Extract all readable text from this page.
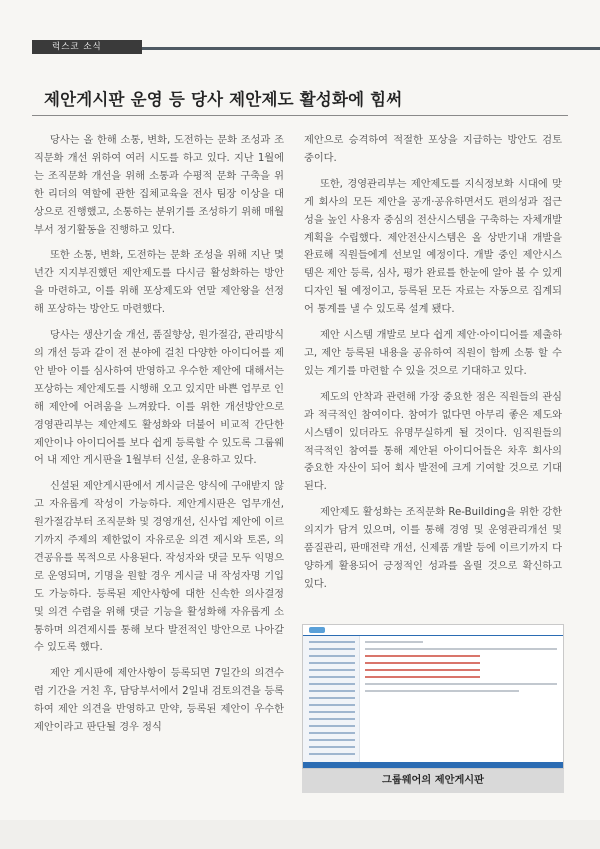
럭스코 소식
제안게시판 운영 등 당사 제안제도 활성화에 힘써

당사는 올 한해 소통, 변화, 도전하는 문화 조성과 조직문화 개선 위하여 여러 시도를 하고 있다. 지난 1월에는 조직문화 개선을 위해 소통과 수평적 문화 구축을 위한 리더의 역할에 관한 집체교육을 전사 팀장 이상을 대상으로 진행했고, 소통하는 분위기를 조성하기 위해 매월 부서 정기활동을 진행하고 있다.

또한 소통, 변화, 도전하는 문화 조성을 위해 지난 몇 년간 지지부진했던 제안제도를 다시금 활성화하는 방안을 마련하고, 이를 위해 포상제도와 연말 제안왕을 선정해 포상하는 방안도 마련했다.

당사는 생산기술 개선, 품질향상, 원가절감, 관리방식의 개선 등과 같이 전 분야에 걸친 다양한 아이디어를 제안 받아 이를 심사하여 반영하고 우수한 제안에 대해서는 포상하는 제안제도를 시행해 오고 있지만 바쁜 업무로 인해 제안에 어려움을 느껴왔다. 이를 위한 개선방안으로 경영관리부는 제안제도 활성화와 더불어 비교적 간단한 제안이나 아이디어를 보다 쉽게 등록할 수 있도록 그룹웨어 내 제안 게시판을 1월부터 신설, 운용하고 있다.

신설된 제안게시판에서 게시글은 양식에 구애받지 않고 자유롭게 작성이 가능하다. 제안게시판은 업무개선, 원가절감부터 조직문화 및 경영개선, 신사업 제안에 이르기까지 주제의 제한없이 자유로운 의견 제시와 토론, 의견공유를 목적으로 사용된다. 작성자와 댓글 모두 익명으로 운영되며, 기명을 원할 경우 게시글 내 작성자명 기입도 가능하다. 등록된 제안사항에 대한 신속한 의사결정 및 의견 수렴을 위해 댓글 기능을 활성화해 자유롭게 소통하며 의견제시를 통해 보다 발전적인 방안으로 나아갈 수 있도록 했다.

제안 게시판에 제안사항이 등록되면 7일간의 의견수렴 기간을 거친 후, 담당부서에서 2일내 검토의견을 등록하여 제안 의견을 반영하고 만약, 등록된 제안이 우수한 제안이라고 판단될 경우 정식

제안으로 승격하여 적절한 포상을 지급하는 방안도 검토 중이다.

또한, 경영관리부는 제안제도를 지식정보화 시대에 맞게 회사의 모든 제안을 공개·공유하면서도 편의성과 접근성을 높인 사용자 중심의 전산시스템을 구축하는 자체개발계획을 수립했다. 제안전산시스템은 올 상반기내 개발을 완료해 직원들에게 선보일 예정이다. 개발 중인 제안시스템은 제안 등록, 심사, 평가 완료를 한눈에 알아 볼 수 있게 디자인 될 예정이고, 등록된 모든 자료는 자동으로 집계되어 통계를 낼 수 있도록 설계 됐다.

제안 시스템 개발로 보다 쉽게 제안·아이디어를 제출하고, 제안 등록된 내용을 공유하여 직원이 함께 소통 할 수 있는 계기를 마련할 수 있을 것으로 기대하고 있다.

제도의 안착과 관련해 가장 중요한 점은 직원들의 관심과 적극적인 참여이다. 참여가 없다면 아무리 좋은 제도와 시스템이 있더라도 유명무실하게 될 것이다. 임직원들의 적극적인 참여를 통해 제안된 아이디어들은 차후 회사의 중요한 자산이 되어 회사 발전에 크게 기여할 것으로 기대된다.

제안제도 활성화는 조직문화 Re-Building을 위한 강한 의지가 담겨 있으며, 이를 통해 경영 및 운영관리개선 및 품질관리, 판매전략 개선, 신제품 개발 등에 이르기까지 다양하게 활용되어 긍정적인 성과를 올릴 것으로 확신하고 있다.

그룹웨어의 제안게시판
